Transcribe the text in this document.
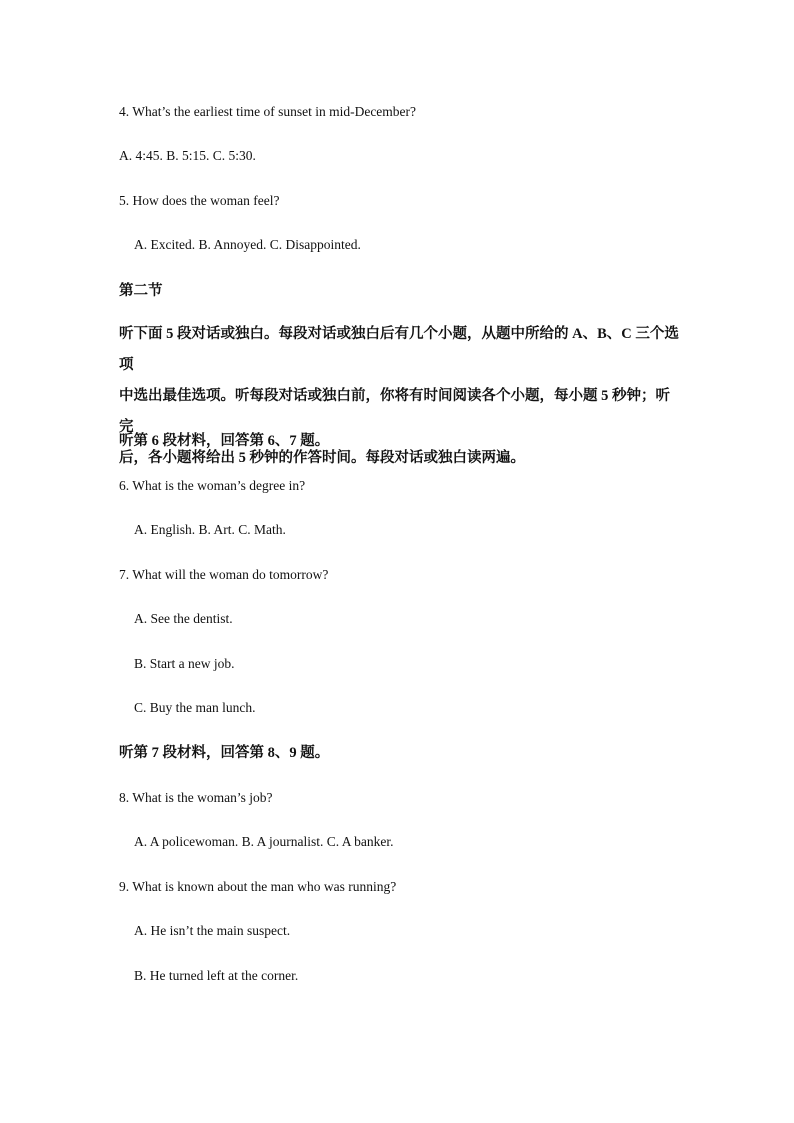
4. What’s the earliest time of sunset in mid-December?
A. 4:45. B. 5:15. C. 5:30.
5. How does the woman feel?
A. Excited. B. Annoyed. C. Disappointed.
第二节
听下面 5 段对话或独白。每段对话或独白后有几个小题，从题中所给的 A、B、C 三个选项
中选出最佳选项。听每段对话或独白前，你将有时间阅读各个小题，每小题 5 秒钟；听完
后，各小题将给出 5 秒钟的作答时间。每段对话或独白读两遍。
听第 6 段材料，回答第 6、7 题。
6. What is the woman’s degree in?
A. English. B. Art. C. Math.
7. What will the woman do tomorrow?
A. See the dentist.
B. Start a new job.
C. Buy the man lunch.
听第 7 段材料，回答第 8、9 题。
8. What is the woman’s job?
A. A policewoman. B. A journalist. C. A banker.
9. What is known about the man who was running?
A. He isn’t the main suspect.
B. He turned left at the corner.
